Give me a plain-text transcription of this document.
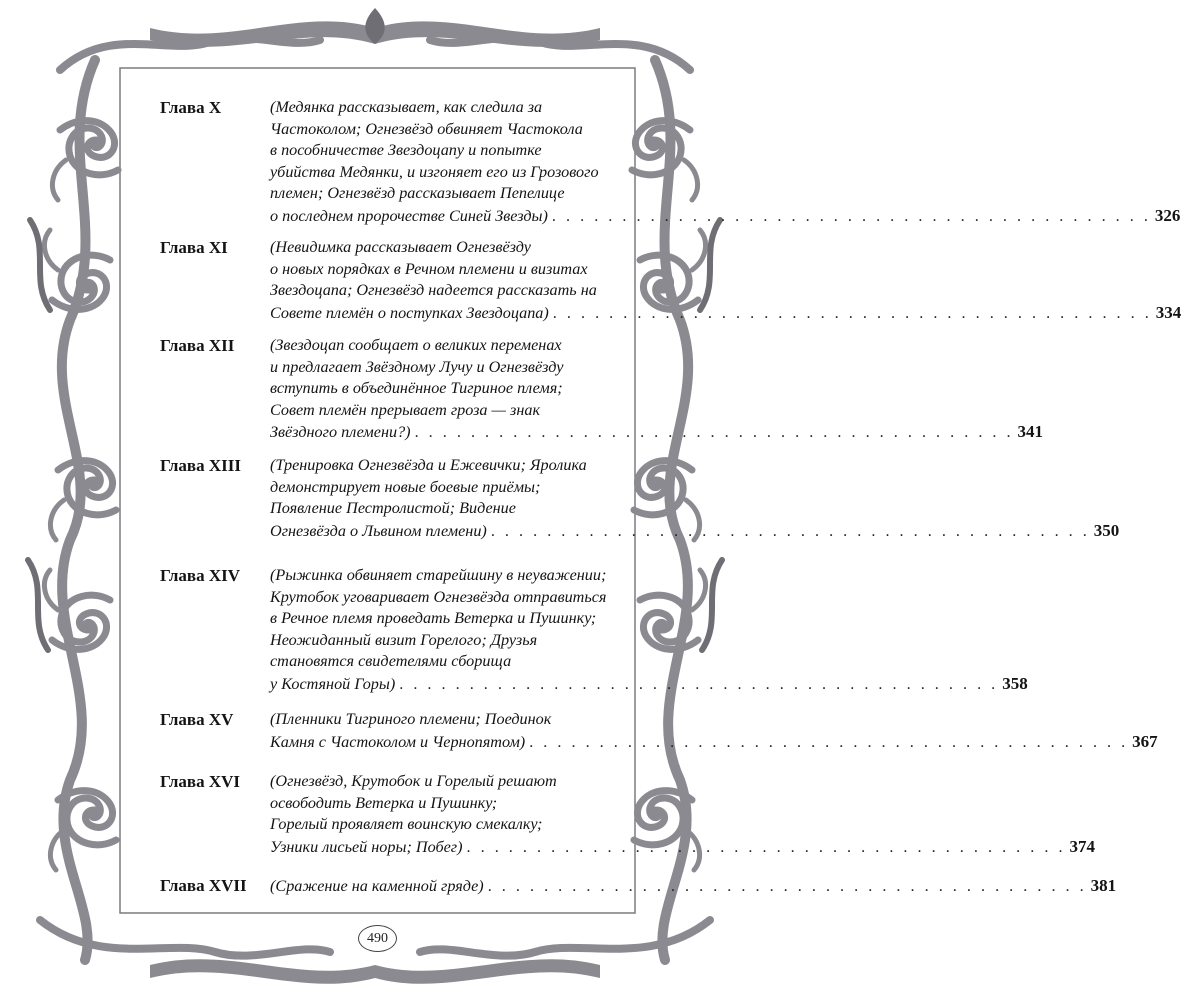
Глава X	(Медянка рассказывает, как следила за
Частоколом; Огнезвёзд обвиняет Частокола
в пособничестве Звездоцапу и попытке
убийства Медянки, и изгоняет его из Грозового
племен; Огнезвёзд рассказывает Пепелице
о последнем пророчестве Синей Звезды) . . . . . . . . . . . . . . . . . . . . . . . . . . . . . . . . . . . . . . . . . . . 326
Глава XI	(Невидимка рассказывает Огнезвёзду
о новых порядках в Речном племени и визитах
Звездоцапа; Огнезвёзд надеется рассказать на
Совете племён о поступках Звездоцапа) . . . . . . . . . . . . . . . . . . . . . . . . . . . . . . . . . . . . . . . . . . . 334
Глава XII	(Звездоцап сообщает о великих переменах
и предлагает Звёздному Лучу и Огнезвёзду
вступить в объединённое Тигриное племя;
Совет племён прерывает гроза — знак
Звёздного племени?) . . . . . . . . . . . . . . . . . . . . . . . . . . . . . . . . . . . . . . . . . . . 341
Глава XIII	(Тренировка Огнезвёзда и Ежевички; Яролика
демонстрирует новые боевые приёмы;
Появление Пестролистой; Видение
Огнезвёзда о Львином племени) . . . . . . . . . . . . . . . . . . . . . . . . . . . . . . . . . . . . . . . . . . . 350
Глава XIV	(Рыжинка обвиняет старейшину в неуважении;
Крутобок уговаривает Огнезвёзда отправиться
в Речное племя проведать Ветерка и Пушинку;
Неожиданный визит Горелого; Друзья
становятся свидетелями сборища
у Костяной Горы) . . . . . . . . . . . . . . . . . . . . . . . . . . . . . . . . . . . . . . . . . . . 358
Глава XV	(Пленники Тигриного племени; Поединок
Камня с Частоколом и Чернопятом) . . . . . . . . . . . . . . . . . . . . . . . . . . . . . . . . . . . . . . . . . . . 367
Глава XVI	(Огнезвёзд, Крутобок и Горелый решают
освободить Ветерка и Пушинку;
Горелый проявляет воинскую смекалку;
Узники лисьей норы; Побег) . . . . . . . . . . . . . . . . . . . . . . . . . . . . . . . . . . . . . . . . . . . 374
Глава XVII	(Сражение на каменной гряде) . . . . . . . . . . . . . . . . . . . . . . . . . . . . . . . . . . . . . . . . . . . 381
490
